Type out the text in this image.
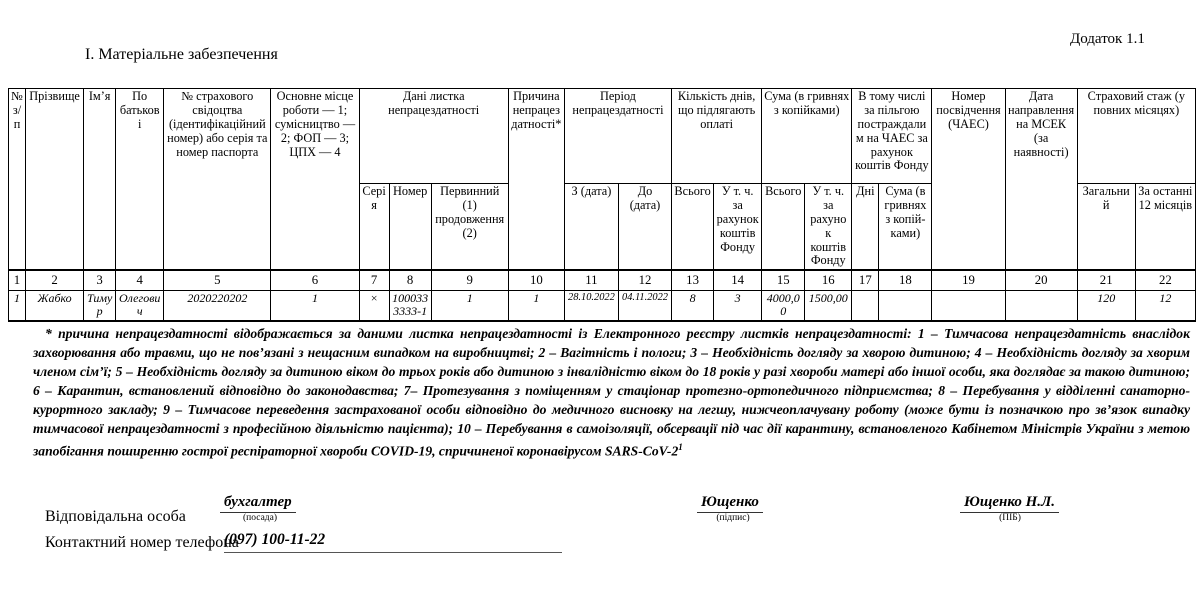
Додаток 1.1
І. Матеріальне забезпечення
№ з/п	Прізвище	Ім’я	По батькові	№ страхового свідоцтва (ідентифікаційний номер) або серія та номер паспорта	Основне місце роботи — 1; сумісництво — 2; ФОП — 3; ЦПХ — 4	Дані листка непрацездатності			Причина непрацездатності*	Період непрацездатності		Кількість днів, що підлягають оплаті		Сума (в гривнях з копійками)		В тому числі за пільгою постраждалим на ЧАЕС за рахунок коштів Фонду		Номер посвідчення (ЧАЕС)	Дата направлення на МСЕК (за наявності)	Страховий стаж (у повних місяцях)	
						Серія	Номер	Первинний (1) продовження (2)		З (дата)	До (дата)	Всього	У т. ч. за рахунок коштів Фонду	Всього	У т. ч. за рахунок коштів Фонду	Дні	Сума (в гривнях з копій-ками)			Загальний	За останні 12 місяців
1	2	3	4	5	6	7	8	9	10	11	12	13	14	15	16	17	18	19	20	21	22
1	Жабко	Тимур	Олегович	2020220202	1	×	1000333333-1	1	1	28.10.2022	04.11.2022	8	3	4000,00	1500,00					120	12
* причина непрацездатності відображається за даними листка непрацездатності із Електронного реєстру листків непрацездатності: 1 – Тимчасова непрацездатність внаслідок захворювання або травми, що не пов’язані з нещасним випадком на виробництві; 2 – Вагітність і пологи; 3 – Необхідність догляду за хворою дитиною; 4 – Необхідність догляду за хворим членом сім’ї; 5 – Необхідність догляду за дитиною віком до трьох років або дитиною з інвалідністю віком до 18 років у разі хвороби матері або іншої особи, яка доглядає за такою дитиною; 6 – Карантин, встановлений відповідно до законодавства; 7– Протезування з поміщенням у стаціонар протезно-ортопедичного підприємства; 8 – Перебування у відділенні санаторно-курортного закладу; 9 – Тимчасове переведення застрахованої особи відповідно до медичного висновку на легшу, нижчеоплачувану роботу (може бути із позначкою про зв’язок випадку тимчасової непрацездатності з професійною діяльністю пацієнта); 10 – Перебування в самоізоляції, обсервації під час дії карантину, встановленого Кабінетом Міністрів України з метою запобігання поширенню гострої респіраторної хвороби COVID-19, спричиненої коронавірусом SARS-$CoV-2^1$
Відповідальна особа
Контактний номер телефона
бухгалтер
(посада)
Ющенко
(підпис)
Ющенко Н.Л.
(ПІБ)
(097) 100-11-22
